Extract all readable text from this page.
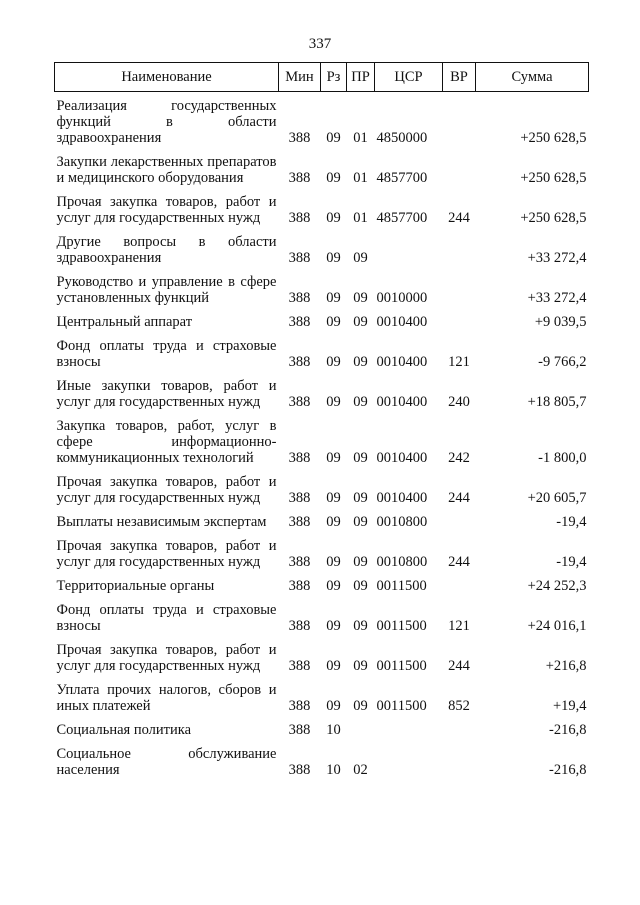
337
Наименование	Мин	Рз	ПР	ЦСР	ВР	Сумма
Реализация государственных функций в области здравоохранения	388	09	01	4850000		+250 628,5
Закупки лекарственных препаратов и медицинского оборудования	388	09	01	4857700		+250 628,5
Прочая закупка товаров, работ и услуг для государственных нужд	388	09	01	4857700	244	+250 628,5
Другие вопросы в области здравоохранения	388	09	09			+33 272,4
Руководство и управление в сфере установленных функций	388	09	09	0010000		+33 272,4
Центральный аппарат	388	09	09	0010400		+9 039,5
Фонд оплаты труда и страховые взносы	388	09	09	0010400	121	-9 766,2
Иные закупки товаров, работ и услуг для государственных нужд	388	09	09	0010400	240	+18 805,7
Закупка товаров, работ, услуг в сфере информационно-коммуникационных технологий	388	09	09	0010400	242	-1 800,0
Прочая закупка товаров, работ и услуг для государственных нужд	388	09	09	0010400	244	+20 605,7
Выплаты независимым экспертам	388	09	09	0010800		-19,4
Прочая закупка товаров, работ и услуг для государственных нужд	388	09	09	0010800	244	-19,4
Территориальные органы	388	09	09	0011500		+24 252,3
Фонд оплаты труда и страховые взносы	388	09	09	0011500	121	+24 016,1
Прочая закупка товаров, работ и услуг для государственных нужд	388	09	09	0011500	244	+216,8
Уплата прочих налогов, сборов и иных платежей	388	09	09	0011500	852	+19,4
Социальная политика	388	10				-216,8
Социальное обслуживание населения	388	10	02			-216,8
